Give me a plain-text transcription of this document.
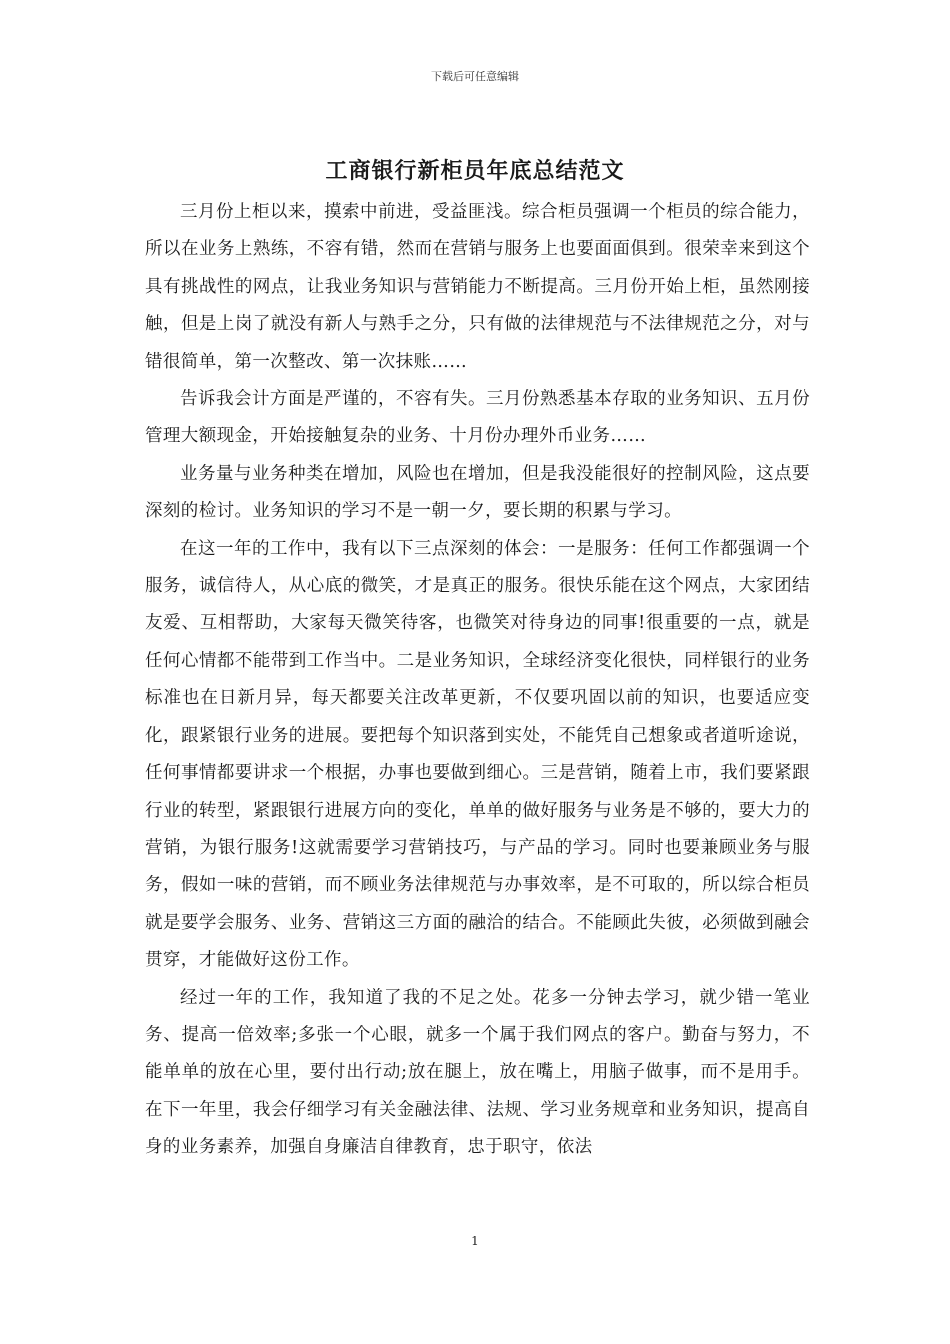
下载后可任意编辑
工商银行新柜员年底总结范文

三月份上柜以来，摸索中前进，受益匪浅。综合柜员强调一个柜员的综合能力，所以在业务上熟练，不容有错，然而在营销与服务上也要面面俱到。很荣幸来到这个具有挑战性的网点，让我业务知识与营销能力不断提高。三月份开始上柜，虽然刚接触，但是上岗了就没有新人与熟手之分，只有做的法律规范与不法律规范之分，对与错很简单，第一次整改、第一次抹账……

告诉我会计方面是严谨的，不容有失。三月份熟悉基本存取的业务知识、五月份管理大额现金，开始接触复杂的业务、十月份办理外币业务……

业务量与业务种类在增加，风险也在增加，但是我没能很好的控制风险，这点要深刻的检讨。业务知识的学习不是一朝一夕，要长期的积累与学习。

在这一年的工作中，我有以下三点深刻的体会：一是服务：任何工作都强调一个服务，诚信待人，从心底的微笑，才是真正的服务。很快乐能在这个网点，大家团结友爱、互相帮助，大家每天微笑待客，也微笑对待身边的同事!很重要的一点，就是任何心情都不能带到工作当中。二是业务知识，全球经济变化很快，同样银行的业务标准也在日新月异，每天都要关注改革更新，不仅要巩固以前的知识，也要适应变化，跟紧银行业务的进展。要把每个知识落到实处，不能凭自己想象或者道听途说，任何事情都要讲求一个根据，办事也要做到细心。三是营销，随着上市，我们要紧跟行业的转型，紧跟银行进展方向的变化，单单的做好服务与业务是不够的，要大力的营销，为银行服务!这就需要学习营销技巧，与产品的学习。同时也要兼顾业务与服务，假如一味的营销，而不顾业务法律规范与办事效率，是不可取的，所以综合柜员就是要学会服务、业务、营销这三方面的融洽的结合。不能顾此失彼，必须做到融会贯穿，才能做好这份工作。

经过一年的工作，我知道了我的不足之处。花多一分钟去学习，就少错一笔业务、提高一倍效率;多张一个心眼，就多一个属于我们网点的客户。勤奋与努力，不能单单的放在心里，要付出行动;放在腿上，放在嘴上，用脑子做事，而不是用手。在下一年里，我会仔细学习有关金融法律、法规、学习业务规章和业务知识，提高自身的业务素养，加强自身廉洁自律教育，忠于职守，依法

1
